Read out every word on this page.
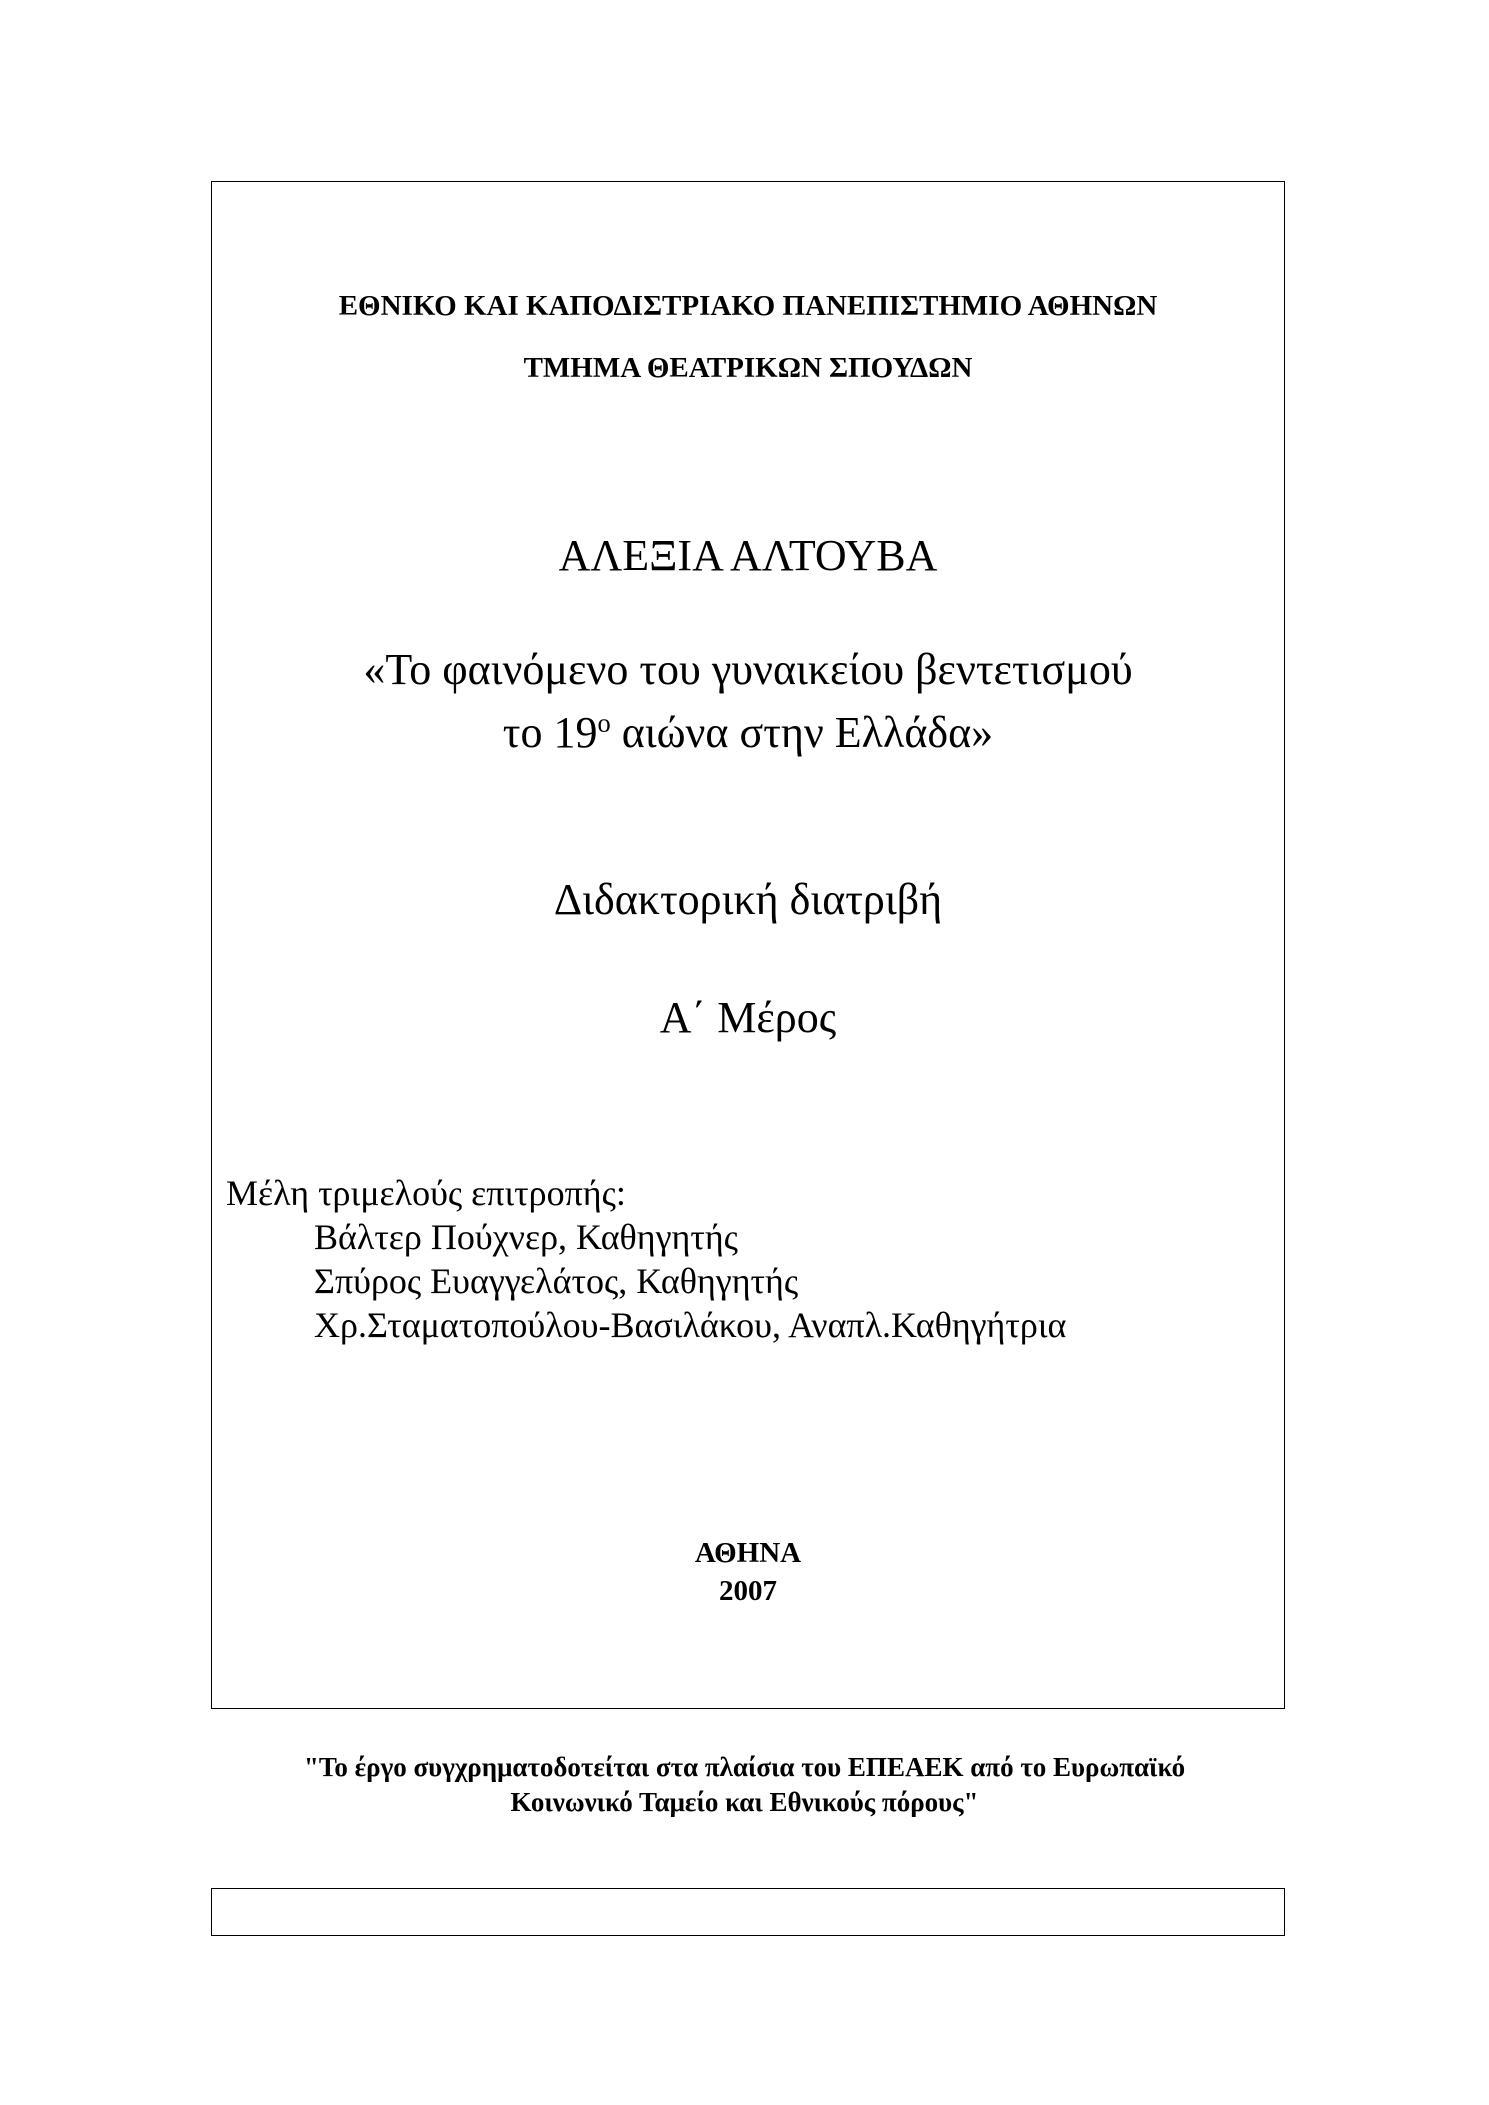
ΕΘΝΙΚΟ ΚΑΙ ΚΑΠΟΔΙΣΤΡΙΑΚΟ ΠΑΝΕΠΙΣΤΗΜΙΟ ΑΘΗΝΩΝ
ΤΜΗΜΑ ΘΕΑΤΡΙΚΩΝ ΣΠΟΥΔΩΝ
ΑΛΕΞΙΑ ΑΛΤΟΥΒΑ
«Το φαινόμενο του γυναικείου βεντετισμού
το $19^o$ αιώνα στην Ελλάδα»
Διδακτορική διατριβή
Α΄ Μέρος
Μέλη τριμελούς επιτροπής:
Βάλτερ Πούχνερ, Καθηγητής
Σπύρος Ευαγγελάτος, Καθηγητής
Χρ.Σταματοπούλου-Βασιλάκου, Αναπλ.Καθηγήτρια
ΑΘΗΝΑ
2007
"Το έργο συγχρηματοδοτείται στα πλαίσια του ΕΠΕΑΕΚ από το Ευρωπαϊκό
Κοινωνικό Ταμείο και Εθνικούς πόρους"
